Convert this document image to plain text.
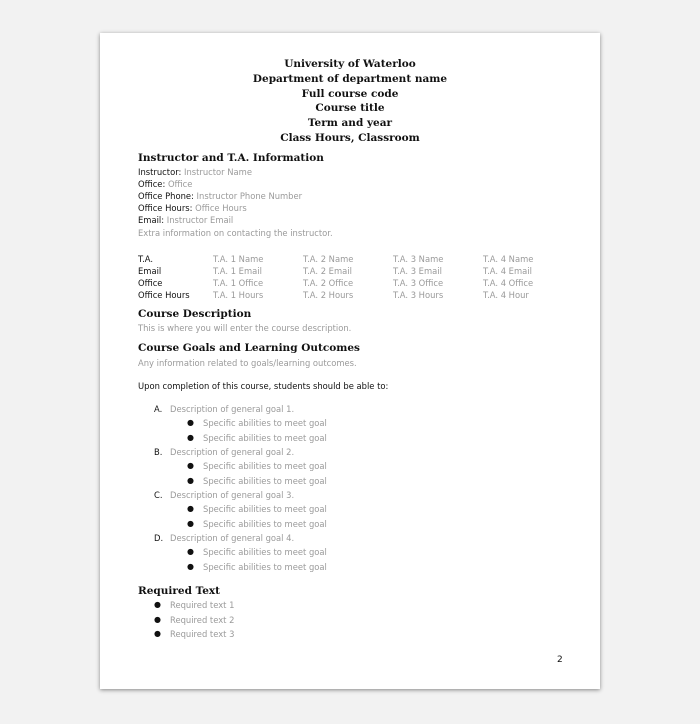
University of Waterloo
Department of department name
Full course code
Course title
Term and year
Class Hours, Classroom
Instructor and T.A. Information
Instructor: Instructor Name
Office: Office
Office Phone: Instructor Phone Number
Office Hours: Office Hours
Email: Instructor Email
Extra information on contacting the instructor.
T.A.	T.A. 1 Name	T.A. 2 Name	T.A. 3 Name	T.A. 4 Name
Email	T.A. 1 Email	T.A. 2 Email	T.A. 3 Email	T.A. 4 Email
Office	T.A. 1 Office	T.A. 2 Office	T.A. 3 Office	T.A. 4 Office
Office Hours	T.A. 1 Hours	T.A. 2 Hours	T.A. 3 Hours	T.A. 4 Hour
Course Description
This is where you will enter the course description.
Course Goals and Learning Outcomes
Any information related to goals/learning outcomes.
Upon completion of this course, students should be able to:
A. Description of general goal 1.
● Specific abilities to meet goal
● Specific abilities to meet goal
B. Description of general goal 2.
● Specific abilities to meet goal
● Specific abilities to meet goal
C. Description of general goal 3.
● Specific abilities to meet goal
● Specific abilities to meet goal
D. Description of general goal 4.
● Specific abilities to meet goal
● Specific abilities to meet goal
Required Text
● Required text 1
● Required text 2
● Required text 3
2
